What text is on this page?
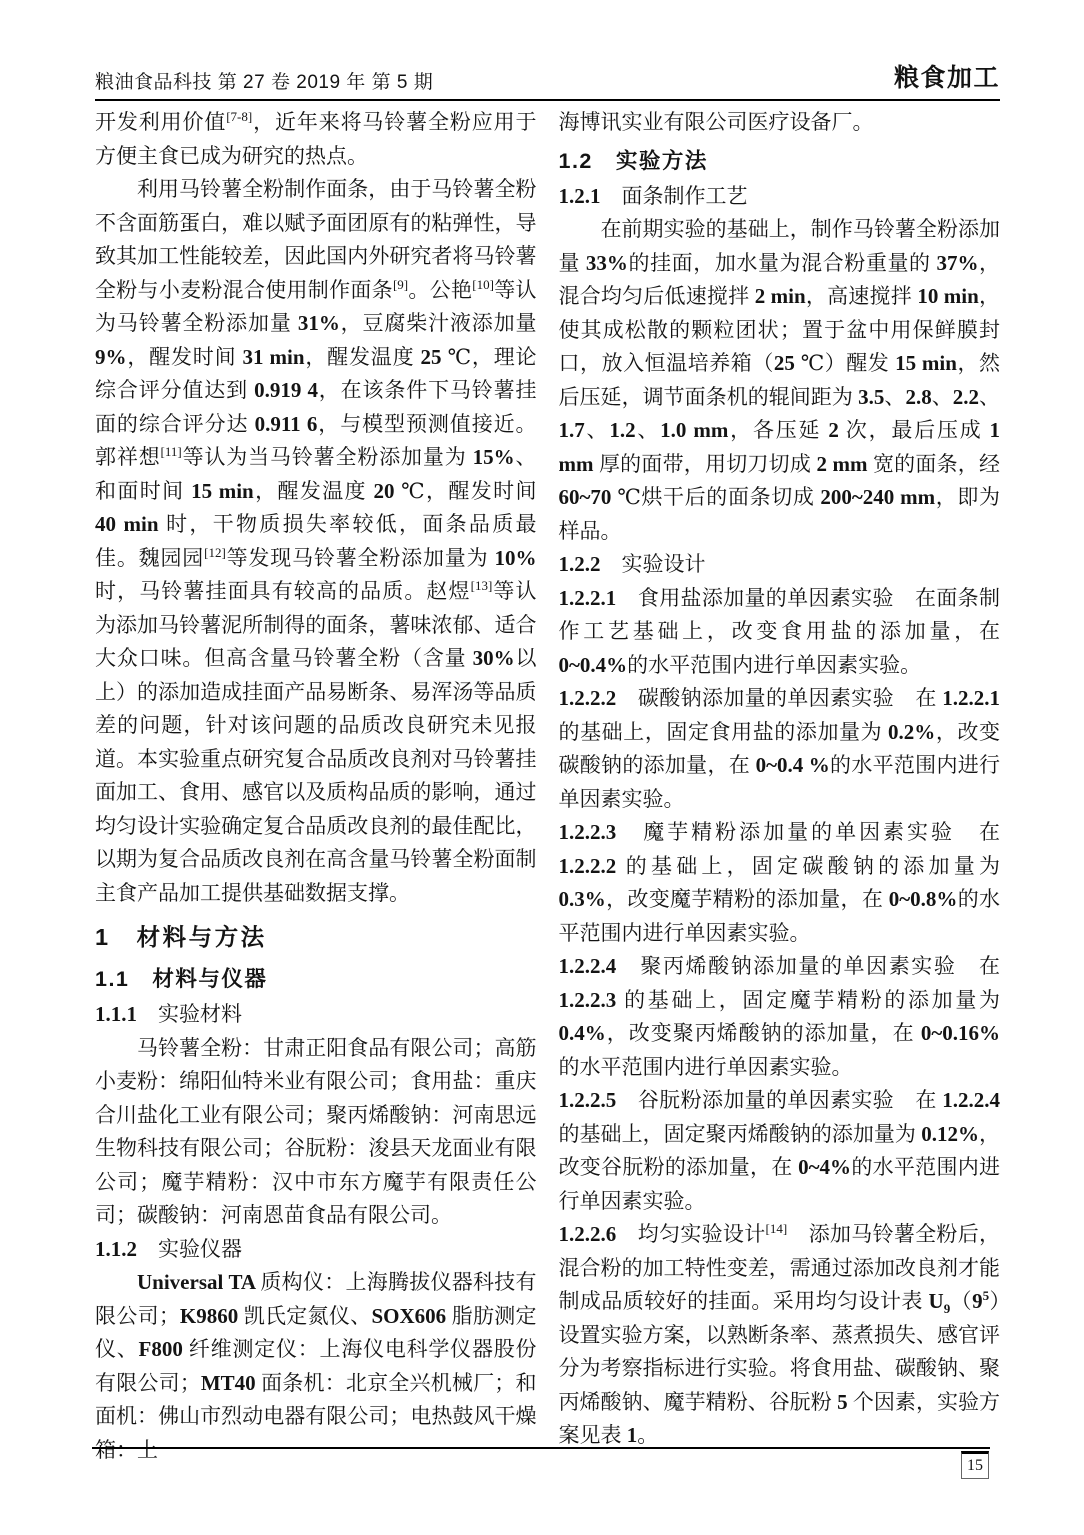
粮油食品科技 第 27 卷 2019 年 第 5 期	粮食加工
开发利用价值[7-8]，近年来将马铃薯全粉应用于方便主食已成为研究的热点。
利用马铃薯全粉制作面条，由于马铃薯全粉不含面筋蛋白，难以赋予面团原有的粘弹性，导致其加工性能较差，因此国内外研究者将马铃薯全粉与小麦粉混合使用制作面条[9]。公艳[10]等认为马铃薯全粉添加量 31%，豆腐柴汁液添加量 9%，醒发时间 31 min，醒发温度 25 ℃，理论综合评分值达到 0.919 4，在该条件下马铃薯挂面的综合评分达 0.911 6，与模型预测值接近。郭祥想[11]等认为当马铃薯全粉添加量为 15%、和面时间 15 min，醒发温度 20 ℃，醒发时间 40 min 时，干物质损失率较低，面条品质最佳。魏园园[12]等发现马铃薯全粉添加量为 10%时，马铃薯挂面具有较高的品质。赵煜[13]等认为添加马铃薯泥所制得的面条，薯味浓郁、适合大众口味。但高含量马铃薯全粉（含量 30%以上）的添加造成挂面产品易断条、易浑汤等品质差的问题，针对该问题的品质改良研究未见报道。本实验重点研究复合品质改良剂对马铃薯挂面加工、食用、感官以及质构品质的影响，通过均匀设计实验确定复合品质改良剂的最佳配比，以期为复合品质改良剂在高含量马铃薯全粉面制主食产品加工提供基础数据支撑。
1　材料与方法
1.1　材料与仪器
1.1.1　实验材料
马铃薯全粉：甘肃正阳食品有限公司；高筋小麦粉：绵阳仙特米业有限公司；食用盐：重庆合川盐化工业有限公司；聚丙烯酸钠：河南思远生物科技有限公司；谷朊粉：浚县天龙面业有限公司；魔芋精粉：汉中市东方魔芋有限责任公司；碳酸钠：河南恩苗食品有限公司。
1.1.2　实验仪器
Universal TA 质构仪：上海腾拔仪器科技有限公司；K9860 凯氏定氮仪、SOX606 脂肪测定仪、F800 纤维测定仪：上海仪电科学仪器股份有限公司；MT40 面条机：北京全兴机械厂；和面机：佛山市烈动电器有限公司；电热鼓风干燥箱：上
海博讯实业有限公司医疗设备厂。
1.2　实验方法
1.2.1　面条制作工艺
在前期实验的基础上，制作马铃薯全粉添加量 33%的挂面，加水量为混合粉重量的 37%，混合均匀后低速搅拌 2 min，高速搅拌 10 min，使其成松散的颗粒团状；置于盆中用保鲜膜封口，放入恒温培养箱（25 ℃）醒发 15 min，然后压延，调节面条机的辊间距为 3.5、2.8、2.2、1.7、1.2、1.0 mm，各压延 2 次，最后压成 1 mm 厚的面带，用切刀切成 2 mm 宽的面条，经 60~70 ℃烘干后的面条切成 200~240 mm，即为样品。
1.2.2　实验设计
1.2.2.1　食用盐添加量的单因素实验　在面条制作工艺基础上，改变食用盐的添加量，在 0~0.4%的水平范围内进行单因素实验。
1.2.2.2　碳酸钠添加量的单因素实验　在 1.2.2.1 的基础上，固定食用盐的添加量为 0.2%，改变碳酸钠的添加量，在 0~0.4 %的水平范围内进行单因素实验。
1.2.2.3　魔芋精粉添加量的单因素实验　在 1.2.2.2 的基础上，固定碳酸钠的添加量为 0.3%，改变魔芋精粉的添加量，在 0~0.8%的水平范围内进行单因素实验。
1.2.2.4　聚丙烯酸钠添加量的单因素实验　在 1.2.2.3 的基础上，固定魔芋精粉的添加量为 0.4%，改变聚丙烯酸钠的添加量，在 0~0.16%的水平范围内进行单因素实验。
1.2.2.5　谷朊粉添加量的单因素实验　在 1.2.2.4 的基础上，固定聚丙烯酸钠的添加量为 0.12%，改变谷朊粉的添加量，在 0~4%的水平范围内进行单因素实验。
1.2.2.6　均匀实验设计[14]　添加马铃薯全粉后，混合粉的加工特性变差，需通过添加改良剂才能制成品质较好的挂面。采用均匀设计表 $U_9(9^5)$设置实验方案，以熟断条率、蒸煮损失、感官评分为考察指标进行实验。将食用盐、碳酸钠、聚丙烯酸钠、魔芋精粉、谷朊粉 5 个因素，实验方案见表 1。
15
